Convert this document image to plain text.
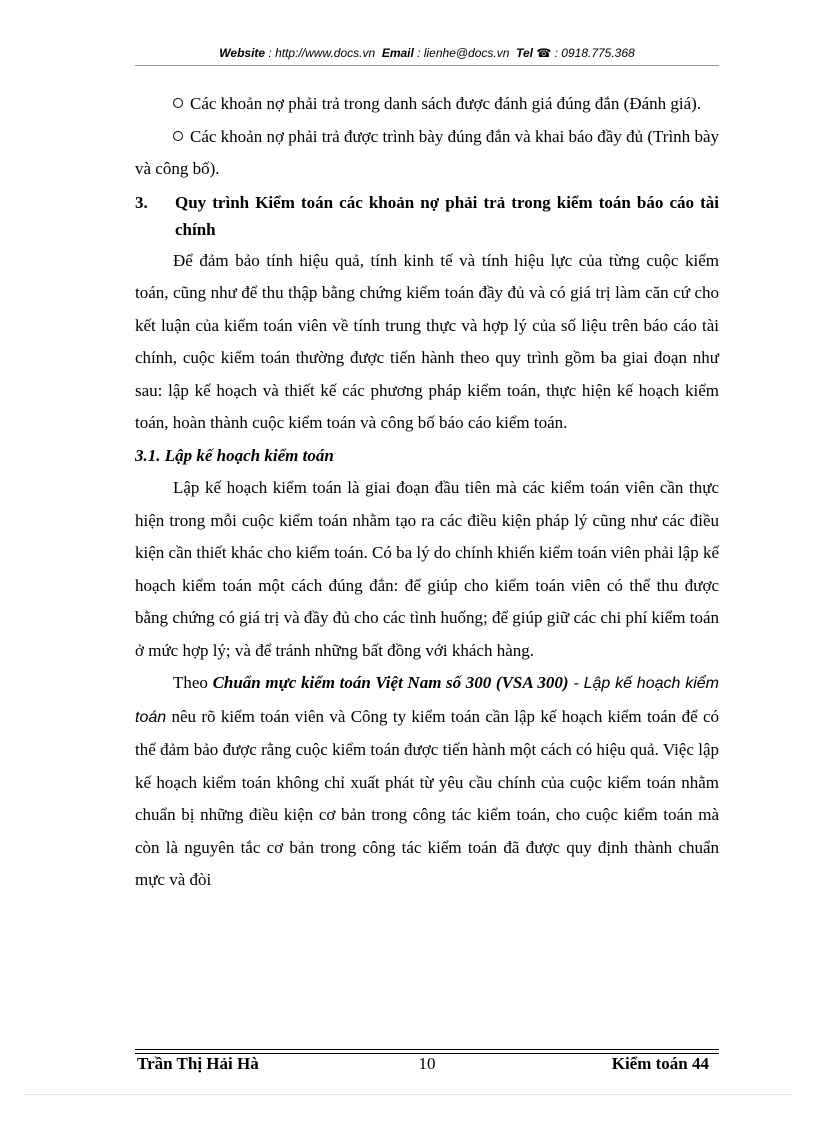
Website : http://www.docs.vn Email : lienhe@docs.vn Tel ☎ : 0918.775.368

Các khoản nợ phải trả trong danh sách được đánh giá đúng đắn (Đánh giá).

Các khoản nợ phải trả được trình bày đúng đắn và khai báo đầy đủ (Trình bày và công bố).

3.	Quy trình Kiểm toán các khoản nợ phải trả trong kiểm toán báo cáo tài chính

Để đảm bảo tính hiệu quả, tính kinh tế và tính hiệu lực của từng cuộc kiểm toán, cũng như để thu thập bằng chứng kiểm toán đầy đủ và có giá trị làm căn cứ cho kết luận của kiểm toán viên về tính trung thực và hợp lý của số liệu trên báo cáo tài chính, cuộc kiểm toán thường được tiến hành theo quy trình gồm ba giai đoạn như sau: lập kế hoạch và thiết kế các phương pháp kiểm toán, thực hiện kế hoạch kiểm toán, hoàn thành cuộc kiểm toán và công bố báo cáo kiểm toán.

3.1. Lập kế hoạch kiểm toán

Lập kế hoạch kiểm toán là giai đoạn đầu tiên mà các kiểm toán viên cần thực hiện trong mỗi cuộc kiểm toán nhằm tạo ra các điều kiện pháp lý cũng như các điều kiện cần thiết khác cho kiểm toán. Có ba lý do chính khiến kiểm toán viên phải lập kế hoạch kiểm toán một cách đúng đắn: để giúp cho kiểm toán viên có thể thu được bằng chứng có giá trị và đầy đủ cho các tình huống; để giúp giữ các chi phí kiểm toán ở mức hợp lý; và để tránh những bất đồng với khách hàng.

Theo Chuẩn mực kiểm toán Việt Nam số 300 (VSA 300) - Lập kế hoạch kiểm toán nêu rõ kiểm toán viên và Công ty kiểm toán cần lập kế hoạch kiểm toán để có thể đảm bảo được rằng cuộc kiểm toán được tiến hành một cách có hiệu quả. Việc lập kế hoạch kiểm toán không chỉ xuất phát từ yêu cầu chính của cuộc kiểm toán nhằm chuẩn bị những điều kiện cơ bản trong công tác kiểm toán, cho cuộc kiểm toán mà còn là nguyên tắc cơ bản trong công tác kiểm toán đã được quy định thành chuẩn mực và đòi

Trần Thị Hải Hà	10	Kiểm toán 44
